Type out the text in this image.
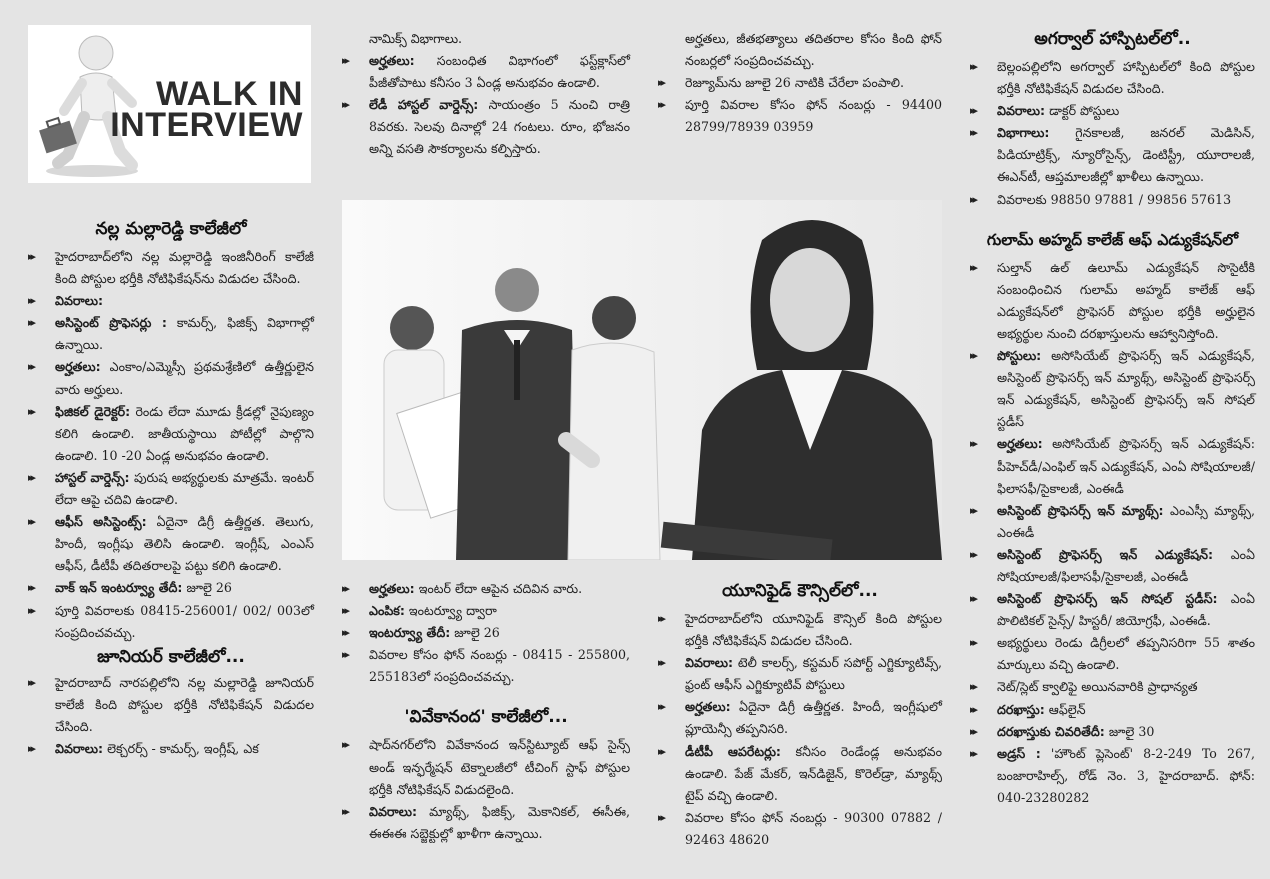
WALK IN
INTERVIEW
నల్ల మల్లారెడ్డి కాలేజీలో
▸▸ హైదరాబాద్‌లోని నల్ల మల్లారెడ్డి ఇంజినీరింగ్ కాలేజీ కింది పోస్టుల భర్తీకి నోటిఫికేషన్‌ను విడుదల చేసింది.
▸▸ వివరాలు:
▸▸ అసిస్టెంట్ ప్రొఫెసర్లు : కామర్స్, ఫిజిక్స్ విభాగాల్లో ఉన్నాయి.
▸▸ అర్హతలు: ఎంకాం/ఎమ్మెస్సీ ప్రథమశ్రేణిలో ఉత్తీర్ణులైన వారు అర్హులు.
▸▸ ఫిజికల్ డైరెక్టర్: రెండు లేదా మూడు క్రీడల్లో నైపుణ్యం కలిగి ఉండాలి. జాతీయస్థాయి పోటీల్లో పాల్గొని ఉండాలి. 10 -20 ఏండ్ల అనుభవం ఉండాలి.
▸▸ హాస్టల్ వార్డెన్స్: పురుష అభ్యర్థులకు మాత్రమే. ఇంటర్ లేదా ఆపై చదివి ఉండాలి.
▸▸ ఆఫీస్ అసిస్టెంట్స్: ఏదైనా డిగ్రీ ఉత్తీర్ణత. తెలుగు, హిందీ, ఇంగ్లీషు తెలిసి ఉండాలి. ఇంగ్లీష్, ఎంఎస్ ఆఫీస్, డీటీపీ తదితరాలపై పట్టు కలిగి ఉండాలి.
▸▸ వాక్ ఇన్ ఇంటర్వ్యూ తేదీ: జూలై 26
▸▸ పూర్తి వివరాలకు 08415-256001/ 002/ 003లో సంప్రదించవచ్చు.
జూనియర్ కాలేజీలో...
▸▸ హైదరాబాద్ నారపల్లిలోని నల్ల మల్లారెడ్డి జూనియర్ కాలేజీ కింది పోస్టుల భర్తీకి నోటిఫికేషన్ విడుదల చేసింది.
▸▸ వివరాలు: లెక్చరర్స్ - కామర్స్, ఇంగ్లీష్, ఎక
నామిక్స్ విభాగాలు.
▸▸ అర్హతలు: సంబంధిత విభాగంలో ఫస్ట్‌క్లాస్‌లో పీజీతోపాటు కనీసం 3 ఏండ్ల అనుభవం ఉండాలి.
▸▸ లేడీ హాస్టల్ వార్డెన్స్: సాయంత్రం 5 నుంచి రాత్రి 8వరకు. సెలవు దినాల్లో 24 గంటలు. రూం, భోజనం అన్ని వసతి సౌకర్యాలను కల్పిస్తారు.
అర్హతలు, జీతభత్యాలు తదితరాల కోసం కింది ఫోన్ నంబర్లలో సంప్రదించవచ్చు.
▸▸ రెజ్యూమ్‌ను జూలై 26 నాటికి చేరేలా పంపాలి.
▸▸ పూర్తి వివరాల కోసం ఫోన్ నంబర్లు - 94400 28799/78939 03959
▸▸ అర్హతలు: ఇంటర్ లేదా ఆపైన చదివిన వారు.
▸▸ ఎంపిక: ఇంటర్వ్యూ ద్వారా
▸▸ ఇంటర్వ్యూ తేదీ: జూలై 26
▸▸ వివరాల కోసం ఫోన్ నంబర్లు - 08415 - 255800, 255183లో సంప్రదించవచ్చు.
'వివేకానంద' కాలేజీలో...
▸▸ షాద్‌నగర్‌లోని వివేకానంద ఇన్‌స్టిట్యూట్ ఆఫ్ సైన్స్ అండ్ ఇన్ఫర్మేషన్ టెక్నాలజీలో టీచింగ్ స్టాఫ్ పోస్టుల భర్తీకి నోటిఫికేషన్ విడుదలైంది.
▸▸ వివరాలు: మ్యాథ్స్, ఫిజిక్స్, మెకానికల్, ఈసీఈ, ఈఈఈ సబ్జెక్టుల్లో ఖాళీగా ఉన్నాయి.
యూనిఫైడ్ కౌన్సిల్‌లో...
▸▸ హైదరాబాద్‌లోని యూనిఫైడ్ కౌన్సిల్ కింది పోస్టుల భర్తీకి నోటిఫికేషన్ విడుదల చేసింది.
▸▸ వివరాలు: టెలీ కాలర్స్, కస్టమర్ సపోర్ట్ ఎగ్జిక్యూటివ్స్, ఫ్రంట్ ఆఫీస్ ఎగ్జిక్యూటివ్ పోస్టులు
▸▸ అర్హతలు: ఏదైనా డిగ్రీ ఉత్తీర్ణత. హిందీ, ఇంగ్లీషులో ప్లూయెన్సీ తప్పనిసరి.
▸▸ డీటీపీ ఆపరేటర్లు: కనీసం రెండేండ్ల అనుభవం ఉండాలి. పేజ్ మేకర్, ఇన్‌డిజైన్, కొరెల్‌డ్రా, మ్యాథ్స్ టైప్ వచ్చి ఉండాలి.
▸▸ వివరాల కోసం ఫోన్ నంబర్లు - 90300 07882 / 92463 48620
అగర్వాల్ హాస్పిటల్‌లో..
▸▸ బెల్లంపల్లిలోని అగర్వాల్ హాస్పిటల్‌లో కింది పోస్టుల భర్తీకి నోటిఫికేషన్ విడుదల చేసింది.
▸▸ వివరాలు: డాక్టర్ పోస్టులు
▸▸ విభాగాలు: గైనకాలజీ, జనరల్ మెడిసిన్, పిడియాట్రిక్స్, న్యూరోసైన్స్, డెంటిస్ట్రీ, యూరాలజీ, ఈఎన్‌టీ, ఆప్తమాలజీల్లో ఖాళీలు ఉన్నాయి.
▸▸ వివరాలకు 98850 97881 / 99856 57613
గులామ్ అహ్మద్ కాలేజ్ ఆఫ్ ఎడ్యుకేషన్‌లో
▸▸ సుల్తాన్ ఉల్ ఉలూమ్ ఎడ్యుకేషన్ సొసైటీకి సంబంధించిన గులామ్ అహ్మద్ కాలేజ్ ఆఫ్ ఎడ్యుకేషన్‌లో ప్రొఫెసర్ పోస్టుల భర్తీకి అర్హులైన అభ్యర్థుల నుంచి దరఖాస్తులను ఆహ్వానిస్తోంది.
▸▸ పోస్టులు: అసోసియేట్ ప్రొఫెసర్స్ ఇన్ ఎడ్యుకేషన్, అసిస్టెంట్ ప్రొఫెసర్స్ ఇన్ మ్యాథ్స్, అసిస్టెంట్ ప్రొఫెసర్స్ ఇన్ ఎడ్యుకేషన్, అసిస్టెంట్ ప్రొఫెసర్స్ ఇన్ సోషల్ స్టడీస్
▸▸ అర్హతలు: అసోసియేట్ ప్రొఫెసర్స్ ఇన్ ఎడ్యుకేషన్: పీహెచ్‌డీ/ఎంఫిల్ ఇన్ ఎడ్యుకేషన్, ఎంఏ సోషియాలజీ/ఫిలాసఫీ/సైకాలజీ, ఎంఈడీ
▸▸ అసిస్టెంట్ ప్రొఫెసర్స్ ఇన్ మ్యాథ్స్: ఎంఎస్సీ మ్యాథ్స్, ఎంఈడీ
▸▸ అసిస్టెంట్ ప్రొఫెసర్స్ ఇన్ ఎడ్యుకేషన్: ఎంఏ సోషియాలజీ/ఫిలాసఫీ/సైకాలజీ, ఎంఈడీ
▸▸ అసిస్టెంట్ ప్రొఫెసర్స్ ఇన్ సోషల్ స్టడీస్: ఎంఏ పొలిటికల్ సైన్స్/ హిస్టరీ/ జియోగ్రఫీ, ఎంఈడీ.
▸▸ అభ్యర్థులు రెండు డిగ్రీలలో తప్పనిసరిగా 55 శాతం మార్కులు వచ్చి ఉండాలి.
▸▸ నెట్/స్లెట్ క్వాలిఫై అయినవారికి ప్రాధాన్యత
▸▸ దరఖాస్తు: ఆఫ్‌లైన్
▸▸ దరఖాస్తుకు చివరితేదీ: జూలై 30
▸▸ అడ్రస్ : 'హౌంట్ ప్లెసెంట్' 8-2-249 To 267, బంజారాహిల్స్, రోడ్ నెం. 3, హైదరాబాద్. ఫోన్: 040-23280282
